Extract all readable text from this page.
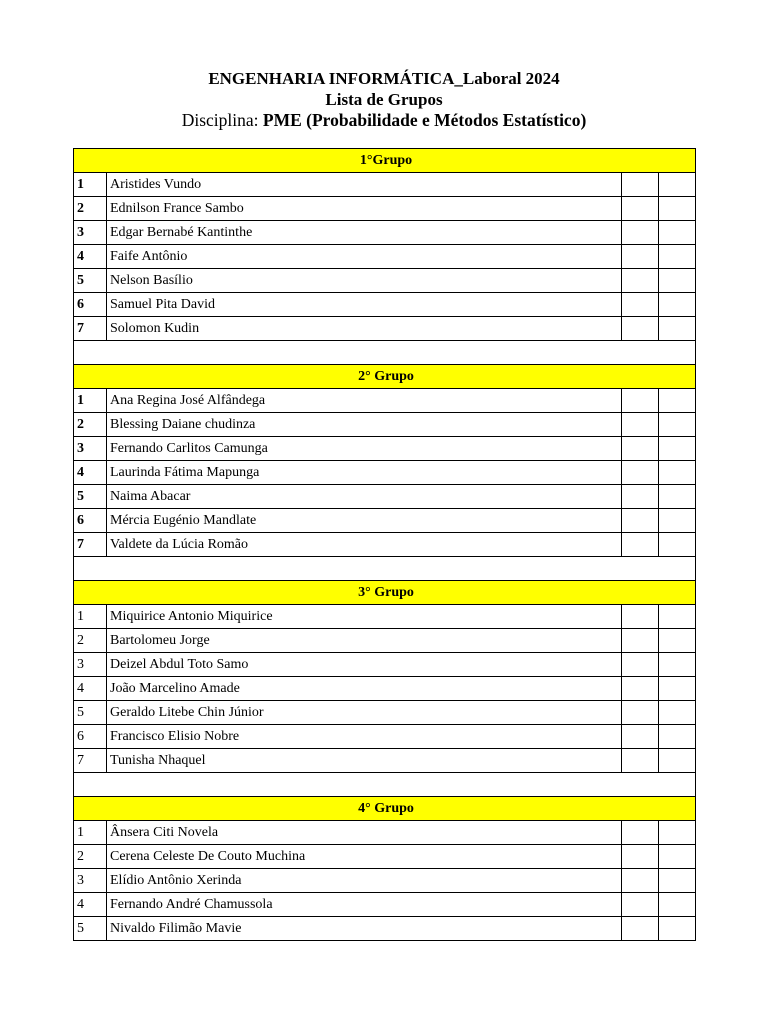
ENGENHARIA INFORMÁTICA_Laboral 2024
Lista de Grupos
Disciplina: PME (Probabilidade e Métodos Estatístico)
1°Grupo			
1	Aristides Vundo		
2	Ednilson France Sambo		
3	Edgar Bernabé Kantinthe		
4	Faife Antônio		
5	Nelson Basílio		
6	Samuel Pita David		
7	Solomon Kudin		

2° Grupo			
1	Ana Regina José Alfândega		
2	Blessing Daiane chudinza		
3	Fernando Carlitos Camunga		
4	Laurinda Fátima Mapunga		
5	Naima Abacar		
6	Mércia Eugénio Mandlate		
7	Valdete da Lúcia Romão		

3° Grupo			
1	Miquirice Antonio Miquirice		
2	Bartolomeu Jorge		
3	Deizel Abdul Toto Samo		
4	João Marcelino Amade		
5	Geraldo Litebe Chin Júnior		
6	Francisco Elisio Nobre		
7	Tunisha Nhaquel		

4° Grupo			
1	Ânsera Citi Novela		
2	Cerena Celeste De Couto Muchina		
3	Elídio Antônio Xerinda		
4	Fernando André Chamussola		
5	Nivaldo Filimão Mavie		
